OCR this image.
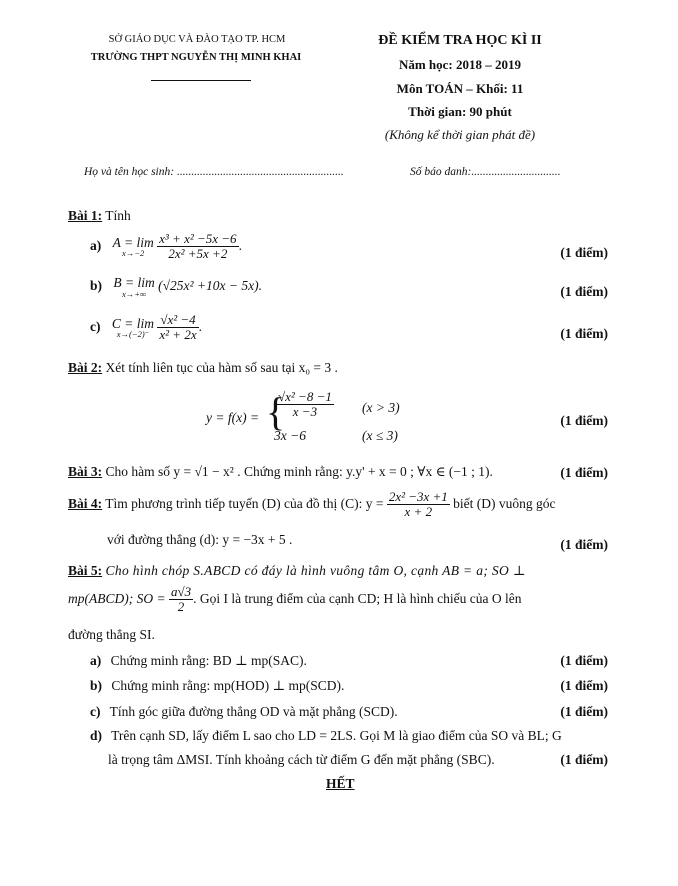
SỞ GIÁO DỤC VÀ ĐÀO TẠO TP. HCM
TRƯỜNG THPT NGUYỄN THỊ MINH KHAI
ĐỀ KIỂM TRA HỌC KÌ II
Năm học: 2018 – 2019
Môn TOÁN – Khối: 11
Thời gian: 90 phút
(Không kể thời gian phát đề)
Họ và tên học sinh: ..........................................................	Số báo danh:...............................
Bài 1: Tính
a) A = lim
x→−2
$\frac{\text{x³ + x² −5x −6}}{\text{2x² +5x +2}}$ .	(1 điểm)
b) B = lim
x→+∞
(√25x² +10x − 5x).	(1 điểm)
c) C = lim
x→(−2)⁻
$\frac{\text{√x² −4}}{\text{x² + 2x}}$ .	(1 điểm)
Bài 2: Xét tính liên tục của hàm số sau tại x₀ = 3 .
y = f(x) = {
$\frac{\text{√x² −8 −1}}{x -3} (x > 3)$
3x −6	(x ≤ 3)
(1 điểm)
Bài 3: Cho hàm số y = √1 − x² . Chứng minh rằng: y.y' + x = 0 ; ∀x ∈ (−1 ; 1).	(1 điểm)
Bài 4: Tìm phương trình tiếp tuyến (D) của đồ thị (C): $y = \frac{\text{2x² −3x +1}}{x + 2}$ biết (D) vuông góc
với đường thẳng (d): y = −3x + 5 .	(1 điểm)
Bài 5: Cho hình chóp S.ABCD có đáy là hình vuông tâm O, cạnh AB = a; SO ⊥
mp(ABCD); SO = $\frac{a√3}{2}$ . Gọi I là trung điểm của cạnh CD; H là hình chiếu của O lên
đường thẳng SI.
a) Chứng minh rằng: BD ⊥ mp(SAC).	(1 điểm)
b) Chứng minh rằng: mp(HOD) ⊥ mp(SCD).	(1 điểm)
c) Tính góc giữa đường thẳng OD và mặt phẳng (SCD).	(1 điểm)
d) Trên cạnh SD, lấy điểm L sao cho LD = 2LS. Gọi M là giao điểm của SO và BL; G
là trọng tâm ΔMSI. Tính khoảng cách từ điểm G đến mặt phẳng (SBC).	(1 điểm)
HẾT
